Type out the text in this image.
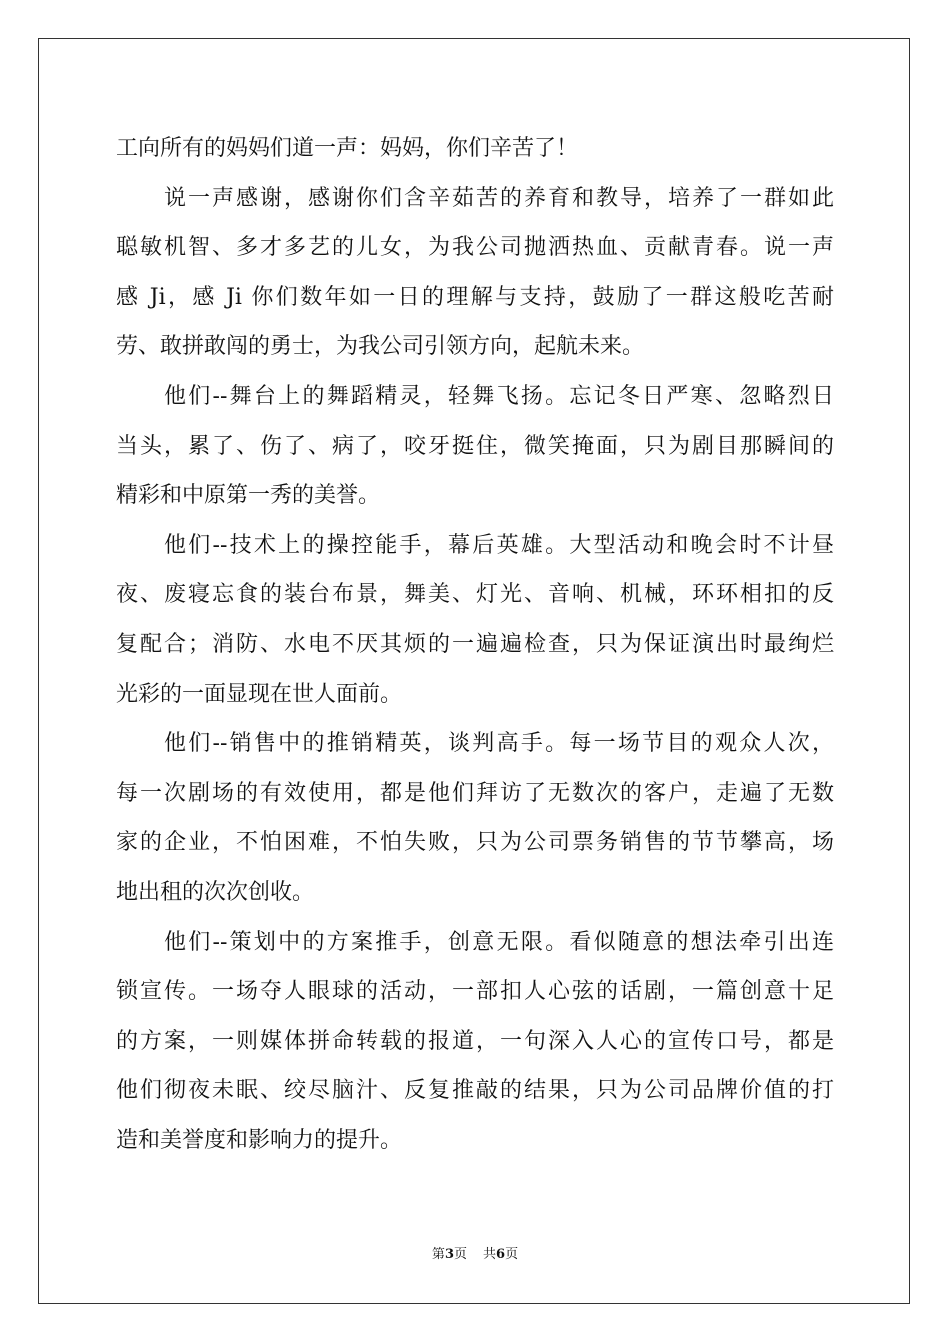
工向所有的妈妈们道一声：妈妈，你们辛苦了！
说一声感谢，感谢你们含辛茹苦的养育和教导，培养了一群如此
聪敏机智、多才多艺的儿女，为我公司抛洒热血、贡献青春。说一声
感 Ji，感 Ji 你们数年如一日的理解与支持，鼓励了一群这般吃苦耐
劳、敢拼敢闯的勇士，为我公司引领方向，起航未来。
他们--舞台上的舞蹈精灵，轻舞飞扬。忘记冬日严寒、忽略烈日
当头，累了、伤了、病了，咬牙挺住，微笑掩面，只为剧目那瞬间的
精彩和中原第一秀的美誉。
他们--技术上的操控能手，幕后英雄。大型活动和晚会时不计昼
夜、废寝忘食的装台布景，舞美、灯光、音响、机械，环环相扣的反
复配合；消防、水电不厌其烦的一遍遍检查，只为保证演出时最绚烂
光彩的一面显现在世人面前。
他们--销售中的推销精英，谈判高手。每一场节目的观众人次，
每一次剧场的有效使用，都是他们拜访了无数次的客户，走遍了无数
家的企业，不怕困难，不怕失败，只为公司票务销售的节节攀高，场
地出租的次次创收。
他们--策划中的方案推手，创意无限。看似随意的想法牵引出连
锁宣传。一场夺人眼球的活动，一部扣人心弦的话剧，一篇创意十足
的方案，一则媒体拼命转载的报道，一句深入人心的宣传口号，都是
他们彻夜未眠、绞尽脑汁、反复推敲的结果，只为公司品牌价值的打
造和美誉度和影响力的提升。
第3页 共6页
